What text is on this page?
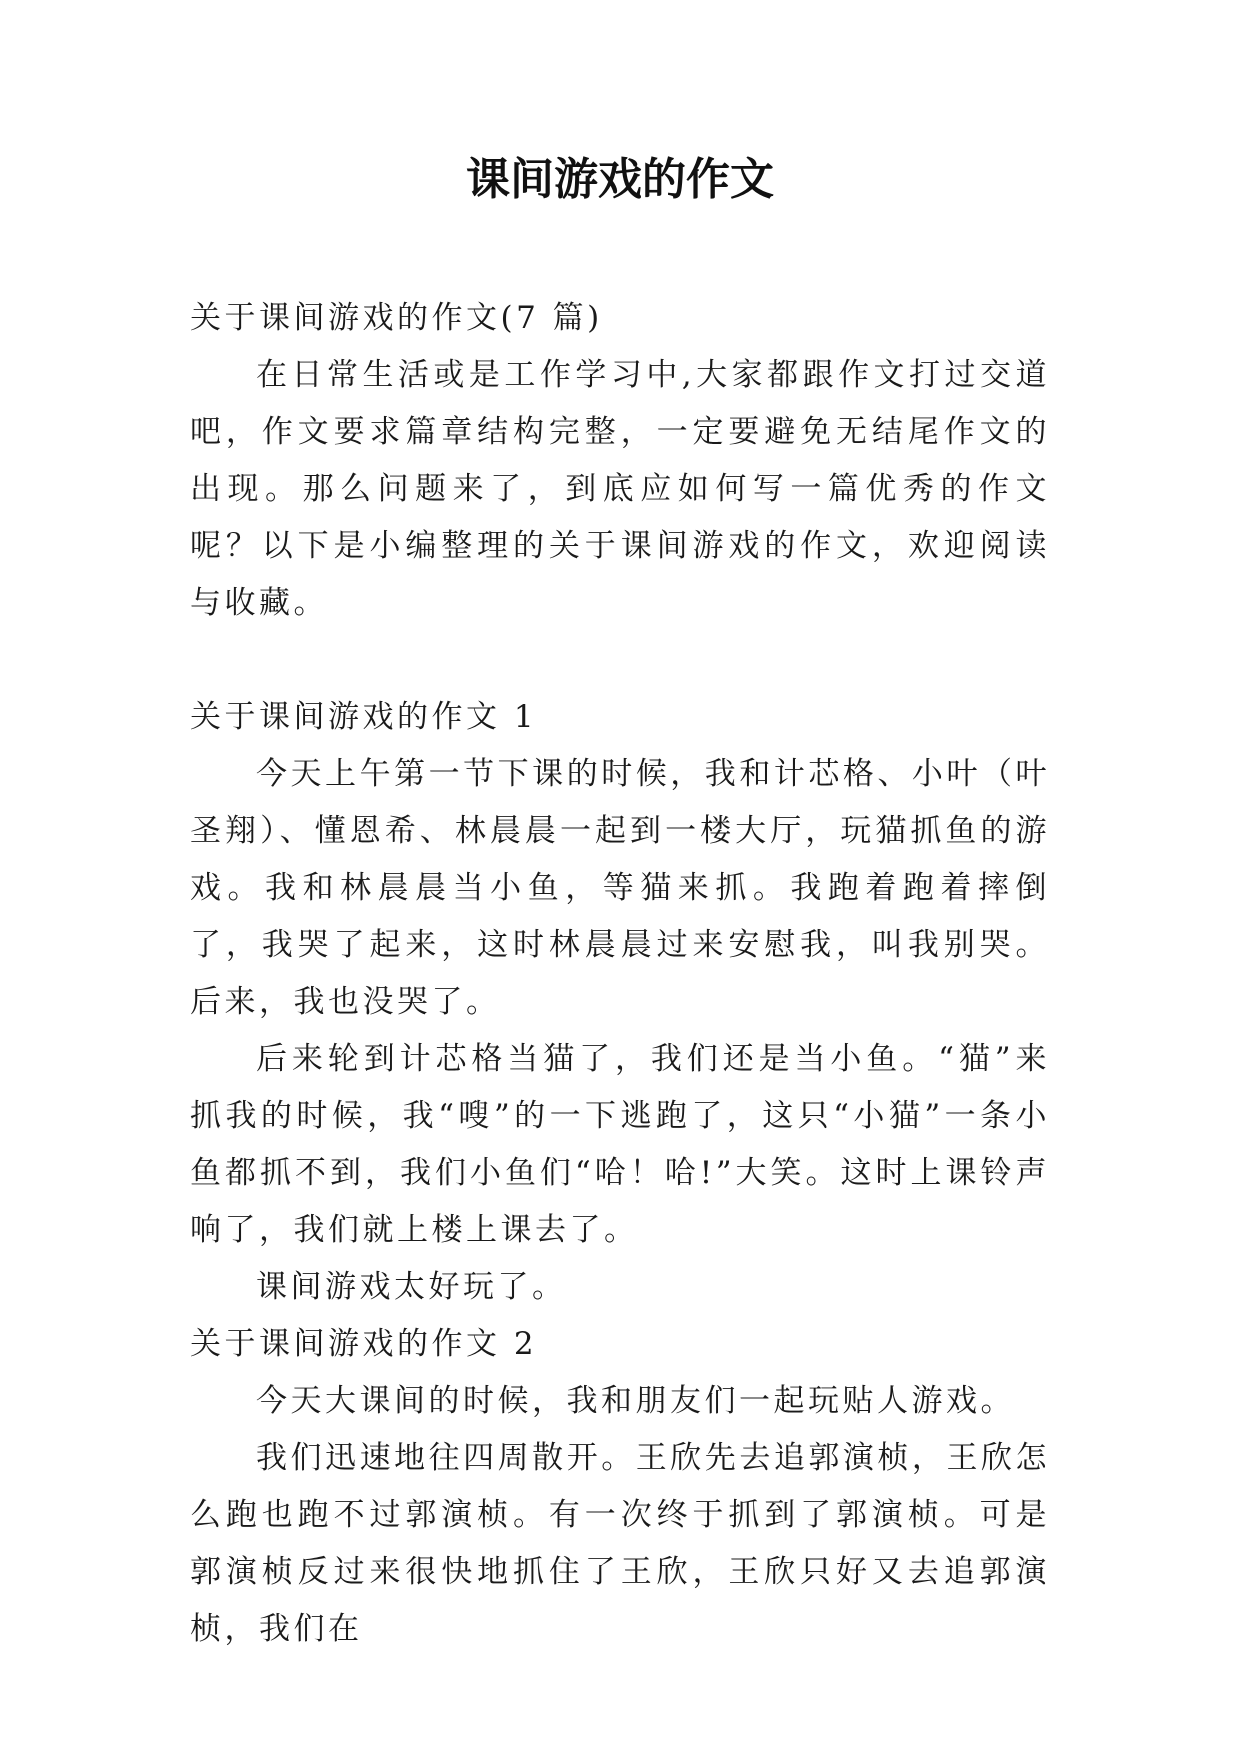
课间游戏的作文

关于课间游戏的作文(7 篇)

在日常生活或是工作学习中,大家都跟作文打过交道吧，作文要求篇章结构完整，一定要避免无结尾作文的出现。那么问题来了，到底应如何写一篇优秀的作文呢？以下是小编整理的关于课间游戏的作文，欢迎阅读与收藏。

关于课间游戏的作文 1

今天上午第一节下课的时候，我和计芯格、小叶（叶圣翔）、懂恩希、林晨晨一起到一楼大厅，玩猫抓鱼的游戏。我和林晨晨当小鱼，等猫来抓。我跑着跑着摔倒了，我哭了起来，这时林晨晨过来安慰我，叫我别哭。后来，我也没哭了。

后来轮到计芯格当猫了，我们还是当小鱼。“猫”来抓我的时候，我“嗖”的一下逃跑了，这只“小猫”一条小鱼都抓不到，我们小鱼们“哈！哈!”大笑。这时上课铃声响了，我们就上楼上课去了。

课间游戏太好玩了。

关于课间游戏的作文 2

今天大课间的时候，我和朋友们一起玩贴人游戏。

我们迅速地往四周散开。王欣先去追郭演桢，王欣怎么跑也跑不过郭演桢。有一次终于抓到了郭演桢。可是郭演桢反过来很快地抓住了王欣，王欣只好又去追郭演桢，我们在
